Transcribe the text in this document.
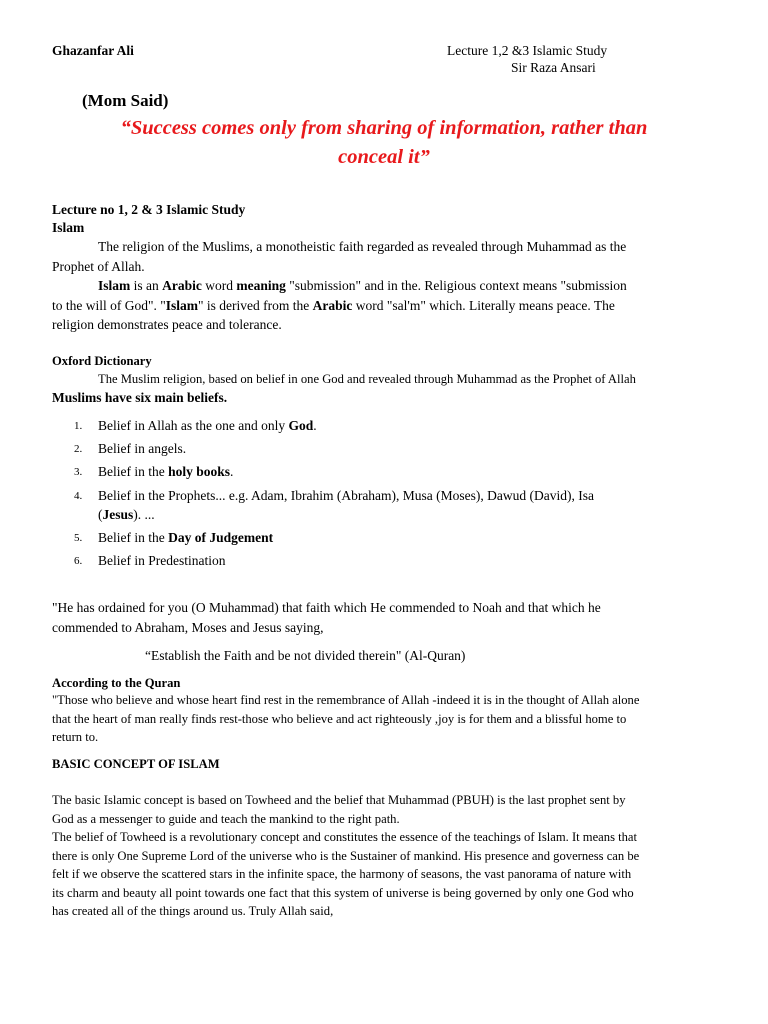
Ghazanfar Ali	Lecture 1,2 &3 Islamic Study
Sir Raza Ansari
(Mom Said)
“Success comes only from sharing of information, rather than
conceal it”
Lecture no 1, 2 & 3 Islamic Study
Islam
The religion of the Muslims, a monotheistic faith regarded as revealed through Muhammad as the
Prophet of Allah.
Islam is an Arabic word meaning "submission" and in the. Religious context means "submission
to the will of God". "Islam" is derived from the Arabic word "sal'm" which. Literally means peace. The
religion demonstrates peace and tolerance.
Oxford Dictionary
The Muslim religion, based on belief in one God and revealed through Muhammad as the Prophet of Allah
Muslims have six main beliefs.
1. Belief in Allah as the one and only God.
2. Belief in angels.
3. Belief in the holy books.
4. Belief in the Prophets... e.g. Adam, Ibrahim (Abraham), Musa (Moses), Dawud (David), Isa
(Jesus). ...
5. Belief in the Day of Judgement
6. Belief in Predestination
"He has ordained for you (O Muhammad) that faith which He commended to Noah and that which he
commended to Abraham, Moses and Jesus saying,
“Establish the Faith and be not divided therein" (Al-Quran)
According to the Quran
"Those who believe and whose heart find rest in the remembrance of Allah -indeed it is in the thought of Allah alone
that the heart of man really finds rest-those who believe and act righteously ,joy is for them and a blissful home to
return to.
BASIC CONCEPT OF ISLAM
The basic Islamic concept is based on Towheed and the belief that Muhammad (PBUH) is the last prophet sent by
God as a messenger to guide and teach the mankind to the right path.
The belief of Towheed is a revolutionary concept and constitutes the essence of the teachings of Islam. It means that
there is only One Supreme Lord of the universe who is the Sustainer of mankind. His presence and governess can be
felt if we observe the scattered stars in the infinite space, the harmony of seasons, the vast panorama of nature with
its charm and beauty all point towards one fact that this system of universe is being governed by only one God who
has created all of the things around us. Truly Allah said,
